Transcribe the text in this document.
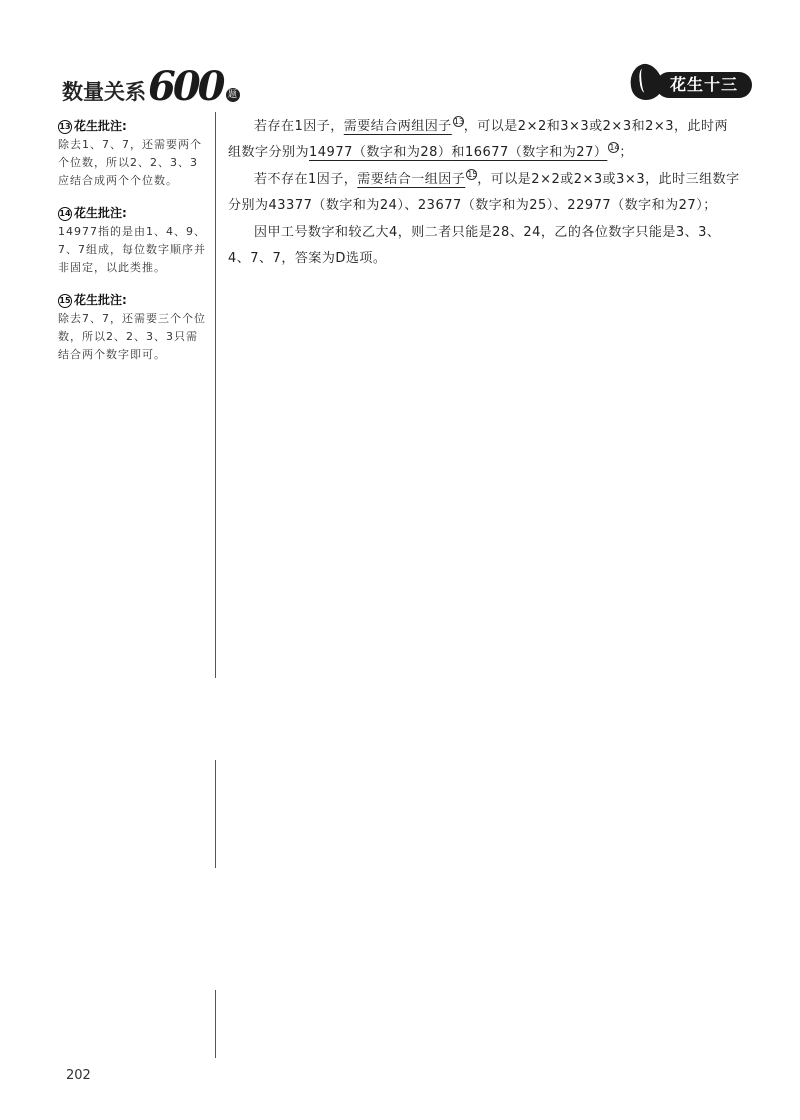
数量关系 600 题
花生十三
13 花生批注:
除去1、7、7，还需要两个个位数，所以2、2、3、3应结合成两个个位数。
14 花生批注:
14977指的是由1、4、9、7、7组成，每位数字顺序并非固定，以此类推。
15 花生批注:
除去7、7，还需要三个个位数，所以2、2、3、3只需结合两个数字即可。

若存在1因子，需要结合两组因子 13，可以是2×2和3×3或2×3和2×3，此时两组数字分别为14977（数字和为28）和16677（数字和为27） 14；

若不存在1因子，需要结合一组因子 15，可以是2×2或2×3或3×3，此时三组数字分别为43377（数字和为24）、23677（数字和为25）、22977（数字和为27）；

因甲工号数字和较乙大4，则二者只能是28、24，乙的各位数字只能是3、3、4、7、7，答案为D选项。

202
